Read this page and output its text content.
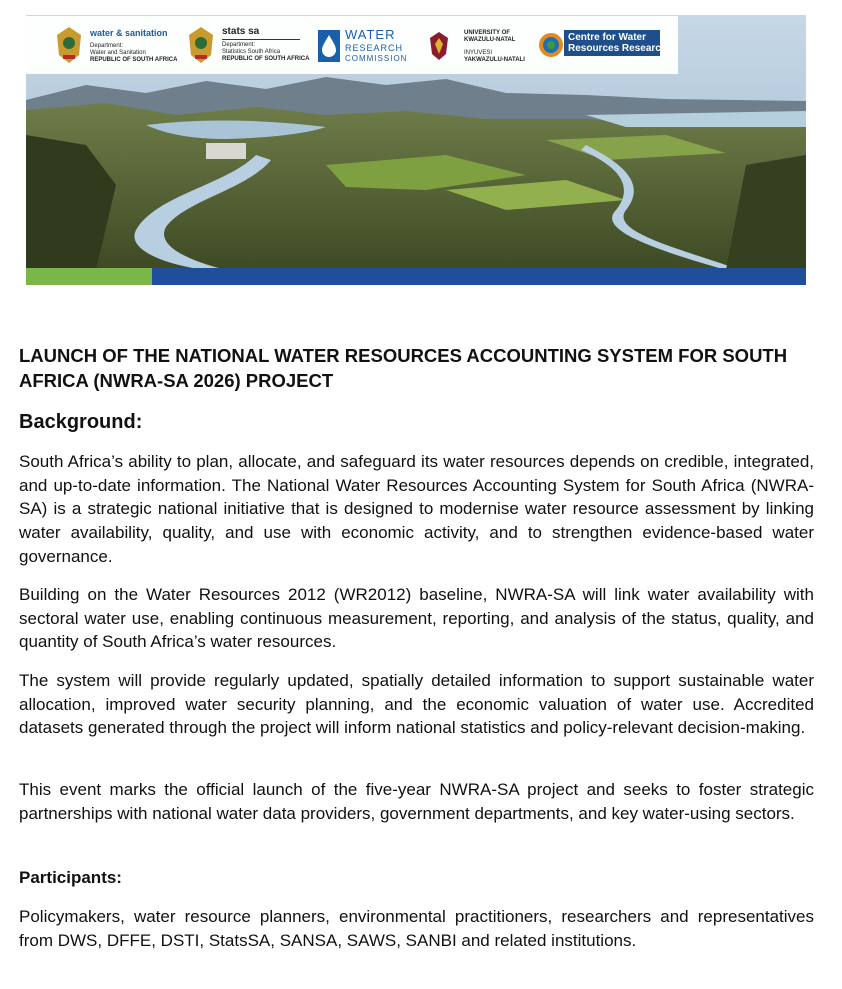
water & sanitation
Department:
Water and Sanitation
REPUBLIC OF SOUTH AFRICA
stats sa
Department:
Statistics South Africa
REPUBLIC OF SOUTH AFRICA
WATER
RESEARCH
COMMISSION
UNIVERSITY OF
KWAZULU-NATAL
INYUVESI
YAKWAZULU-NATALI
Centre for Water
Resources Research
LAUNCH OF THE NATIONAL WATER RESOURCES ACCOUNTING SYSTEM FOR SOUTH AFRICA (NWRA-SA 2026) PROJECT
Background:

South Africa’s ability to plan, allocate, and safeguard its water resources depends on credible, integrated, and up-to-date information. The National Water Resources Accounting System for South Africa (NWRA-SA) is a strategic national initiative that is designed to modernise water resource assessment by linking water availability, quality, and use with economic activity, and to strengthen evidence-based water governance.

Building on the Water Resources 2012 (WR2012) baseline, NWRA-SA will link water availability with sectoral water use, enabling continuous measurement, reporting, and analysis of the status, quality, and quantity of South Africa’s water resources.

The system will provide regularly updated, spatially detailed information to support sustainable water allocation, improved water security planning, and the economic valuation of water use. Accredited datasets generated through the project will inform national statistics and policy-relevant decision-making.

This event marks the official launch of the five-year NWRA-SA project and seeks to foster strategic partnerships with national water data providers, government departments, and key water-using sectors.

Participants:

Policymakers, water resource planners, environmental practitioners, researchers and representatives from DWS, DFFE, DSTI, StatsSA, SANSA, SAWS, SANBI and related institutions.
